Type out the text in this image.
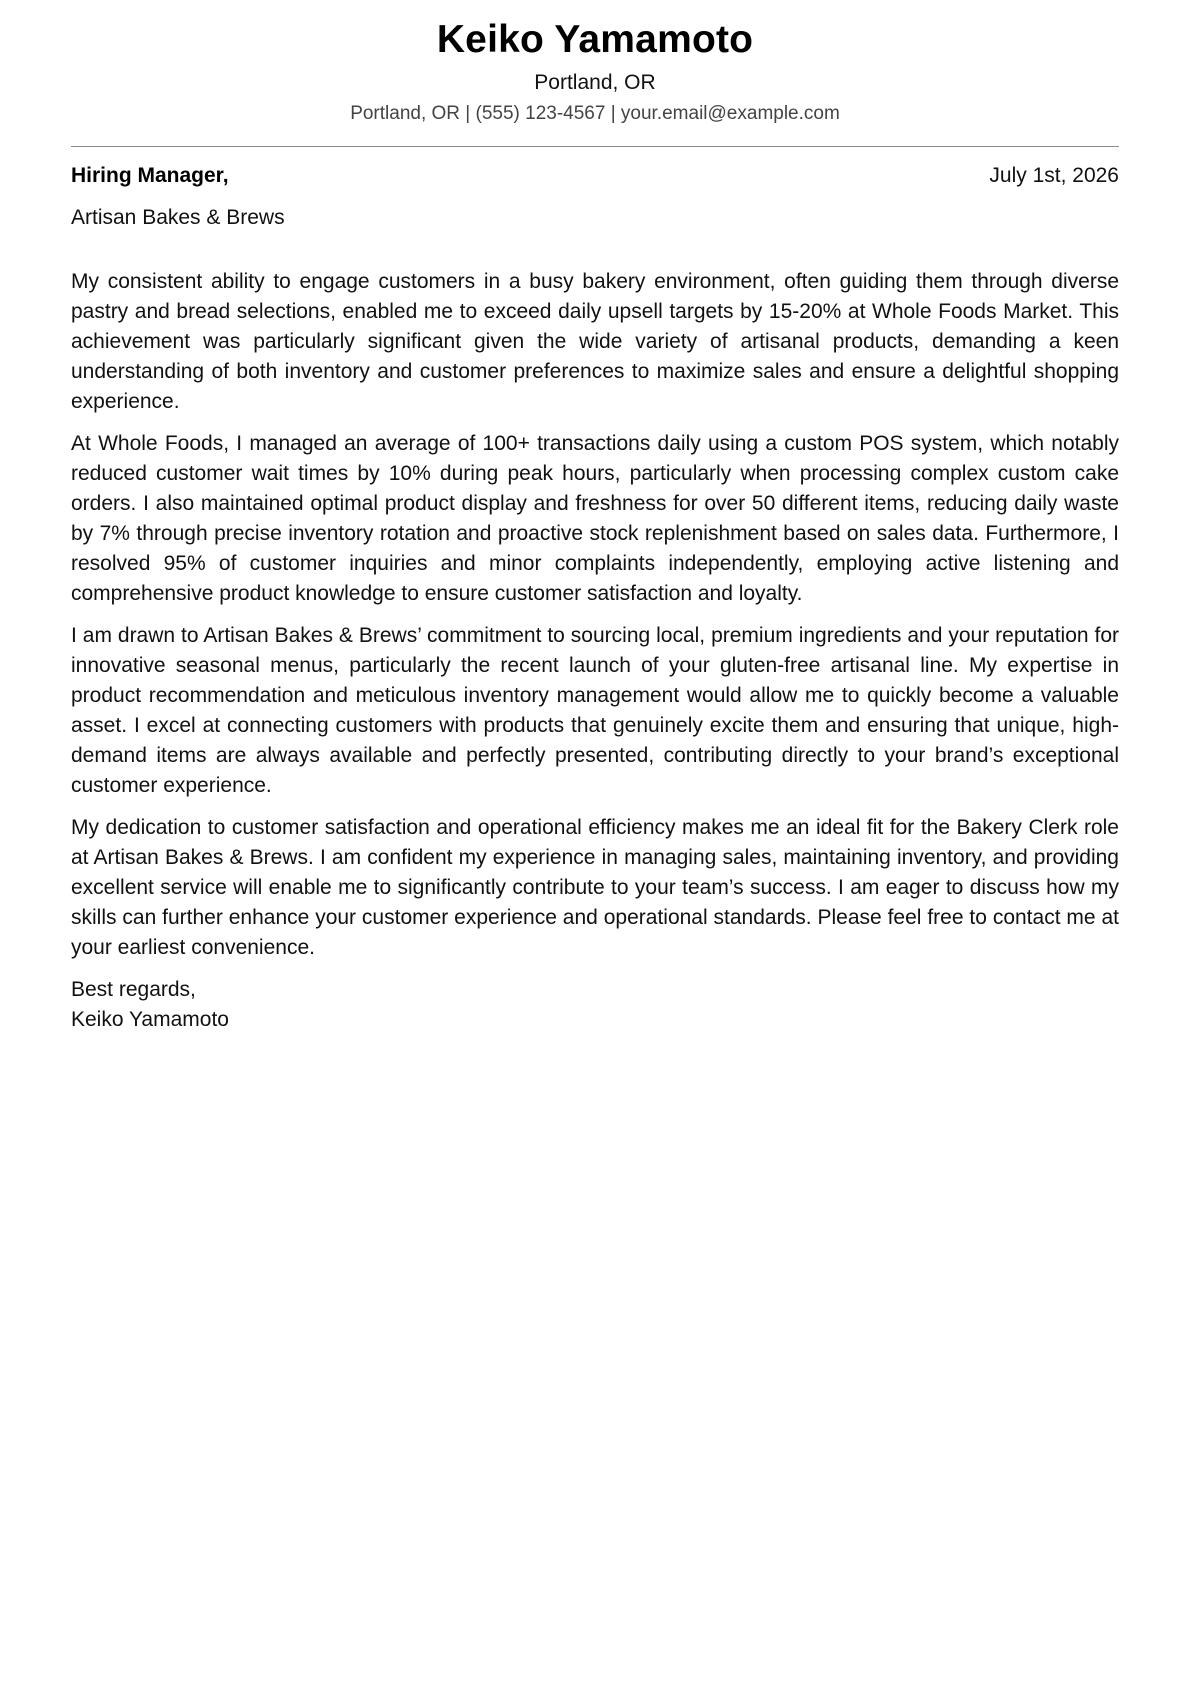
Keiko Yamamoto
Portland, OR
Portland, OR | (555) 123-4567 | your.email@example.com
Hiring Manager,	July 1st, 2026
Artisan Bakes & Brews

My consistent ability to engage customers in a busy bakery environment, often guiding them through diverse pastry and bread selections, enabled me to exceed daily upsell targets by 15-20% at Whole Foods Market. This achievement was particularly significant given the wide variety of artisanal products, demanding a keen understanding of both inventory and customer preferences to maximize sales and ensure a delightful shopping experience.

At Whole Foods, I managed an average of 100+ transactions daily using a custom POS system, which notably reduced customer wait times by 10% during peak hours, particularly when processing complex custom cake orders. I also maintained optimal product display and freshness for over 50 different items, reducing daily waste by 7% through precise inventory rotation and proactive stock replenishment based on sales data. Furthermore, I resolved 95% of customer inquiries and minor complaints independently, employing active listening and comprehensive product knowledge to ensure customer satisfaction and loyalty.

I am drawn to Artisan Bakes & Brews’ commitment to sourcing local, premium ingredients and your reputation for innovative seasonal menus, particularly the recent launch of your gluten-free artisanal line. My expertise in product recommendation and meticulous inventory management would allow me to quickly become a valuable asset. I excel at connecting customers with products that genuinely excite them and ensuring that unique, high-demand items are always available and perfectly presented, contributing directly to your brand’s exceptional customer experience.

My dedication to customer satisfaction and operational efficiency makes me an ideal fit for the Bakery Clerk role at Artisan Bakes & Brews. I am confident my experience in managing sales, maintaining inventory, and providing excellent service will enable me to significantly contribute to your team’s success. I am eager to discuss how my skills can further enhance your customer experience and operational standards. Please feel free to contact me at your earliest convenience.

Best regards,
Keiko Yamamoto
